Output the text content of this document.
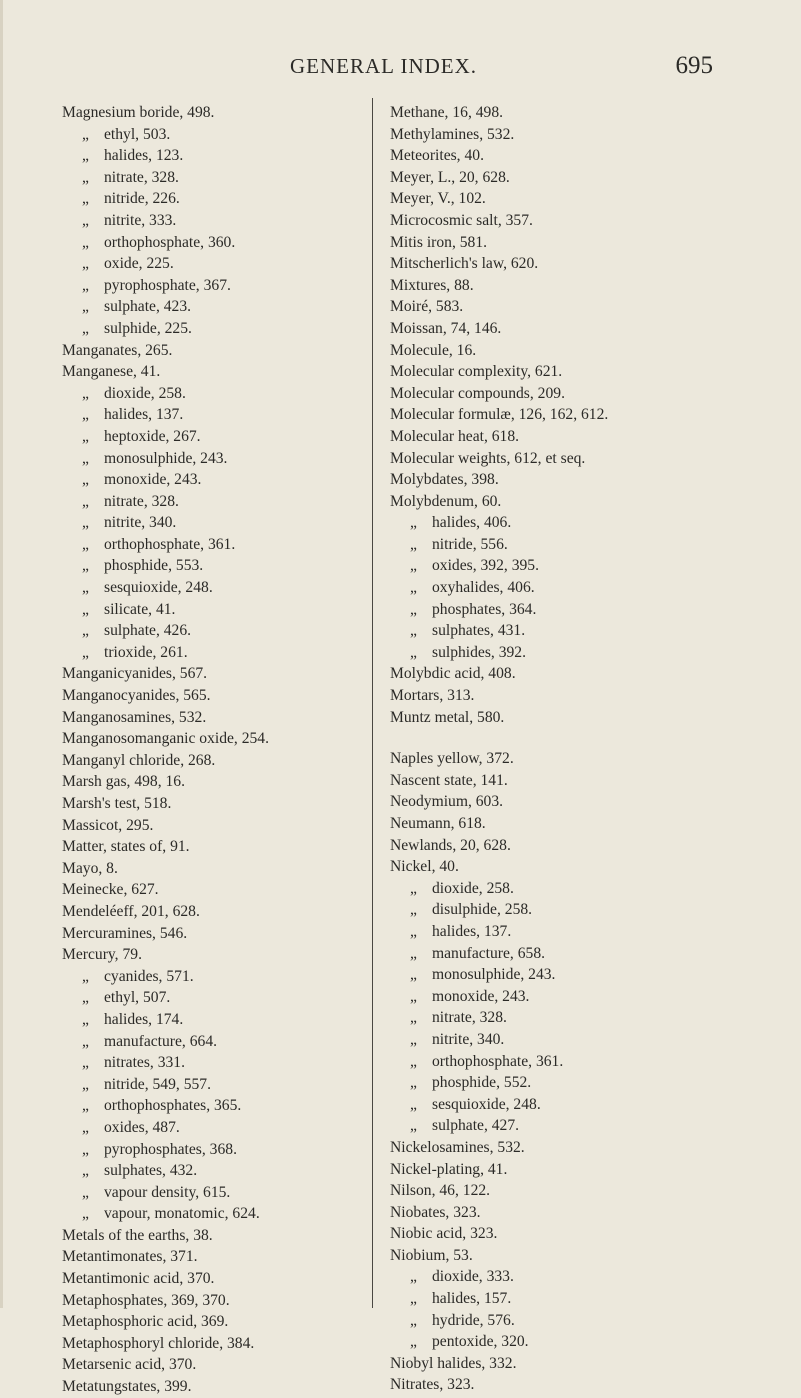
GENERAL INDEX.	695
Magnesium boride, 498.
„ ethyl, 503.
„ halides, 123.
„ nitrate, 328.
„ nitride, 226.
„ nitrite, 333.
„ orthophosphate, 360.
„ oxide, 225.
„ pyrophosphate, 367.
„ sulphate, 423.
„ sulphide, 225.
Manganates, 265.
Manganese, 41.
„ dioxide, 258.
„ halides, 137.
„ heptoxide, 267.
„ monosulphide, 243.
„ monoxide, 243.
„ nitrate, 328.
„ nitrite, 340.
„ orthophosphate, 361.
„ phosphide, 553.
„ sesquioxide, 248.
„ silicate, 41.
„ sulphate, 426.
„ trioxide, 261.
Manganicyanides, 567.
Manganocyanides, 565.
Manganosamines, 532.
Manganosomanganic oxide, 254.
Manganyl chloride, 268.
Marsh gas, 498, 16.
Marsh's test, 518.
Massicot, 295.
Matter, states of, 91.
Mayo, 8.
Meinecke, 627.
Mendeléeff, 201, 628.
Mercuramines, 546.
Mercury, 79.
„ cyanides, 571.
„ ethyl, 507.
„ halides, 174.
„ manufacture, 664.
„ nitrates, 331.
„ nitride, 549, 557.
„ orthophosphates, 365.
„ oxides, 487.
„ pyrophosphates, 368.
„ sulphates, 432.
„ vapour density, 615.
„ vapour, monatomic, 624.
Metals of the earths, 38.
Metantimonates, 371.
Metantimonic acid, 370.
Metaphosphates, 369, 370.
Metaphosphoric acid, 369.
Metaphosphoryl chloride, 384.
Metarsenic acid, 370.
Metatungstates, 399.
Methane, 16, 498.
Methylamines, 532.
Meteorites, 40.
Meyer, L., 20, 628.
Meyer, V., 102.
Microcosmic salt, 357.
Mitis iron, 581.
Mitscherlich's law, 620.
Mixtures, 88.
Moiré, 583.
Moissan, 74, 146.
Molecule, 16.
Molecular complexity, 621.
Molecular compounds, 209.
Molecular formulæ, 126, 162, 612.
Molecular heat, 618.
Molecular weights, 612, et seq.
Molybdates, 398.
Molybdenum, 60.
„ halides, 406.
„ nitride, 556.
„ oxides, 392, 395.
„ oxyhalides, 406.
„ phosphates, 364.
„ sulphates, 431.
„ sulphides, 392.
Molybdic acid, 408.
Mortars, 313.
Muntz metal, 580.
Naples yellow, 372.
Nascent state, 141.
Neodymium, 603.
Neumann, 618.
Newlands, 20, 628.
Nickel, 40.
„ dioxide, 258.
„ disulphide, 258.
„ halides, 137.
„ manufacture, 658.
„ monosulphide, 243.
„ monoxide, 243.
„ nitrate, 328.
„ nitrite, 340.
„ orthophosphate, 361.
„ phosphide, 552.
„ sesquioxide, 248.
„ sulphate, 427.
Nickelosamines, 532.
Nickel-plating, 41.
Nilson, 46, 122.
Niobates, 323.
Niobic acid, 323.
Niobium, 53.
„ dioxide, 333.
„ halides, 157.
„ hydride, 576.
„ pentoxide, 320.
Niobyl halides, 332.
Nitrates, 323.
